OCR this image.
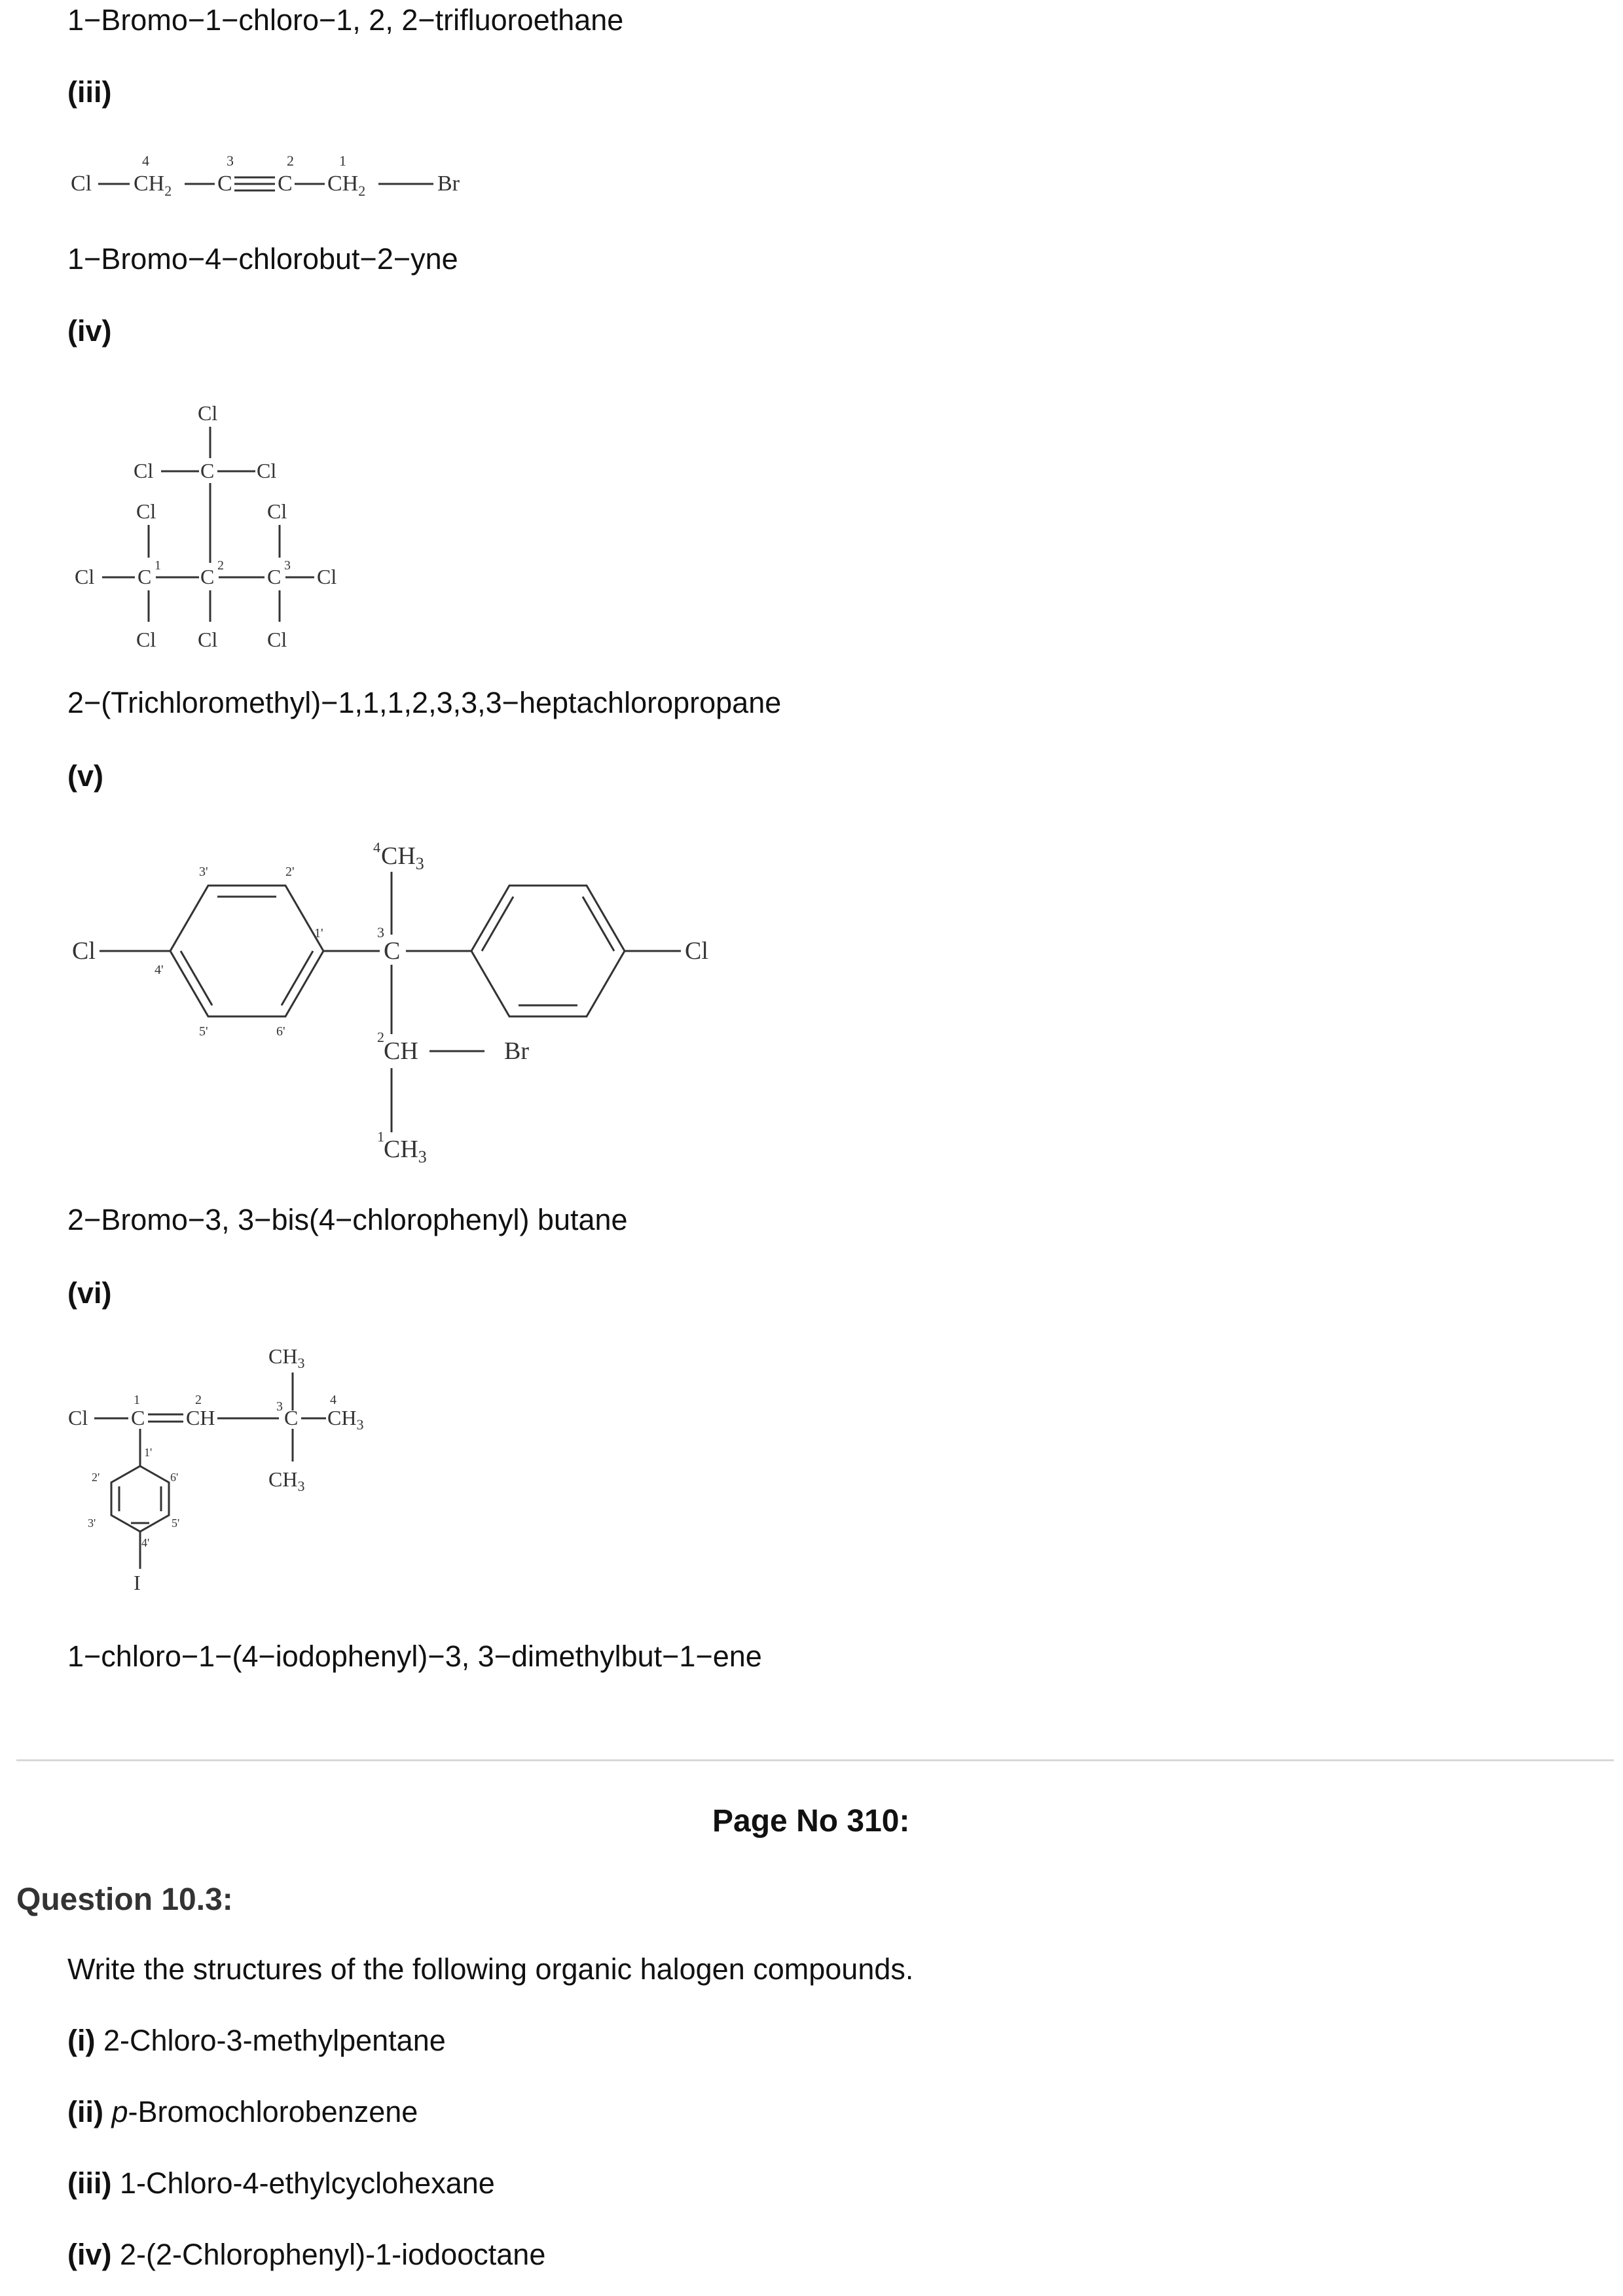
1−Bromo−1−chloro−1, 2, 2−trifluoroethane
(iii)
Cl
4
$CH_2$
3
C
2
C
1
$CH_2$	Br
1−Bromo−4−chlorobut−2−yne
(iv)
Cl
Cl C Cl
Cl	Cl
Cl C 1 C 2 C 3 Cl
Cl Cl Cl
2−(Trichloromethyl)−1,1,1,2,3,3,3−heptachloropropane
(v)
Cl
3'	2'
4'
1'
5'	6'
4 $CH_3$
3
C	Cl
2
CH	Br
1 $CH_3$
2−Bromo−3, 3−bis(4−chlorophenyl) butane
(vi)
$CH_3$
Cl
1
C
2
CH	3 C
4
$CH_3$
$CH_3$
1'
2'	6'
3'	5'
4'
I
1−chloro−1−(4−iodophenyl)−3, 3−dimethylbut−1−ene
Page No 310:
Question 10.3:
Write the structures of the following organic halogen compounds.
(i) 2-Chloro-3-methylpentane
(ii) p-Bromochlorobenzene
(iii) 1-Chloro-4-ethylcyclohexane
(iv) 2-(2-Chlorophenyl)-1-iodooctane
